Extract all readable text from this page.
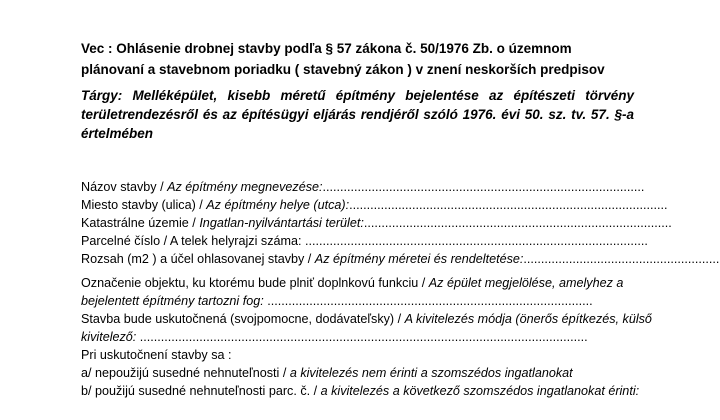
Vec : Ohlásenie drobnej stavby podľa § 57 zákona č. 50/1976 Zb. o územnom plánovaní a stavebnom poriadku ( stavebný zákon ) v znení neskorších predpisov
Tárgy: Melléképület, kisebb méretű építmény bejelentése az építészeti törvény területrendezésről és az építésügyi eljárás rendjéről szóló 1976. évi 50. sz. tv. 57. §-a értelmében
Názov stavby / Az építmény megnevezése:............................................................................................
Miesto stavby (ulica) / Az építmény helye (utca):...........................................................................................
Katastrálne územie / Ingatlan-nyilvántartási terület:........................................................................................
Parcelné číslo / A telek helyrajzi száma: ..................................................................................................
Rozsah (m2 ) a účel ohlasovanej stavby / Az építmény méretei és rendeltetése:........................................................
Označenie objektu, ku ktorému bude plniť doplnkovú funkciu / Az épület megjelölése, amelyhez a
bejelentett építmény tartozni fog: .............................................................................................
Stavba bude uskutočnená (svojpomocne, dodávateľsky) / A kivitelezés módja (önerős építkezés, külső
kivitelező: ................................................................................................................................
Pri uskutočnení stavby sa :
a/ nepoužijú susedné nehnuteľnosti / a kivitelezés nem érinti a szomszédos ingatlanokat
b/ použijú susedné nehnuteľnosti parc. č. / a kivitelezés a következő szomszédos ingatlanokat érinti:
